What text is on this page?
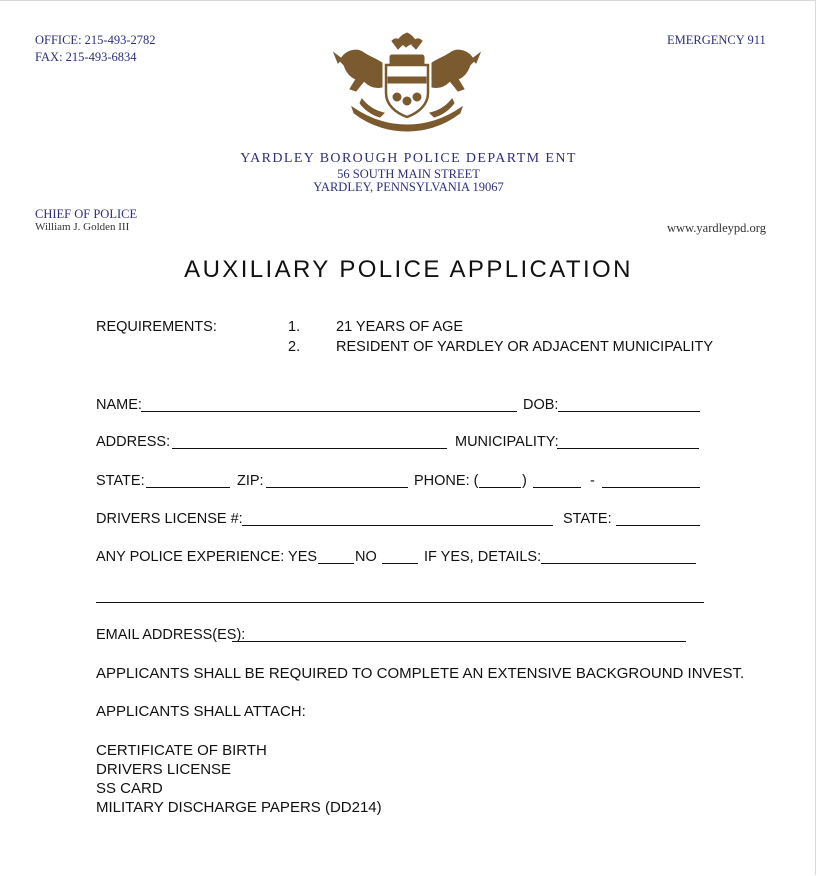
OFFICE: 215-493-2782
FAX: 215-493-6834
EMERGENCY 911
YARDLEY BOROUGH POLICE DEPARTM ENT
56 SOUTH MAIN STREET
YARDLEY, PENNSYLVANIA 19067
CHIEF OF POLICE
William J. Golden III	www.yardleypd.org
AUXILIARY POLICE APPLICATION
REQUIREMENTS:	1. 21 YEARS OF AGE
2. RESIDENT OF YARDLEY OR ADJACENT MUNICIPALITY
NAME:	DOB:
ADDRESS:	MUNICIPALITY:
STATE:	ZIP:	PHONE: (	)	-
DRIVERS LICENSE #:	STATE:
ANY POLICE EXPERIENCE: YES	NO	IF YES, DETAILS:
EMAIL ADDRESS(ES):
APPLICANTS SHALL BE REQUIRED TO COMPLETE AN EXTENSIVE BACKGROUND INVEST.
APPLICANTS SHALL ATTACH:
CERTIFICATE OF BIRTH
DRIVERS LICENSE
SS CARD
MILITARY DISCHARGE PAPERS (DD214)
